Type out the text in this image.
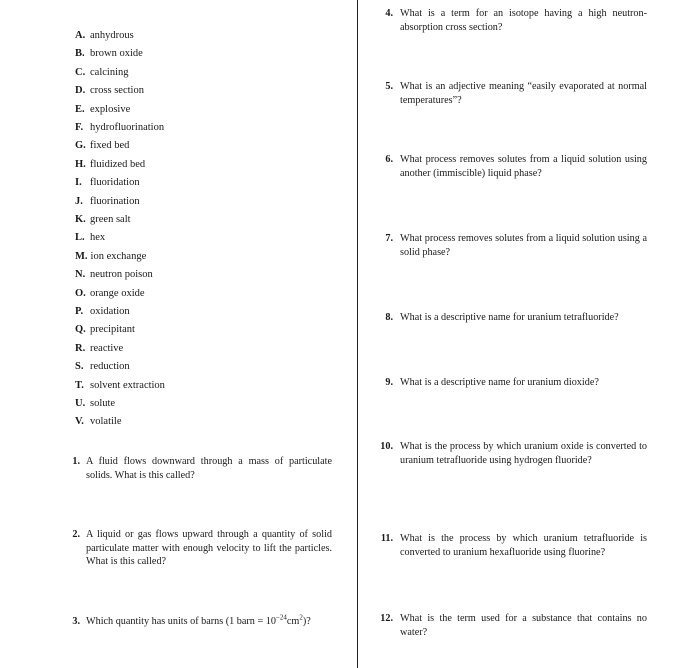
A. anhydrous
B. brown oxide
C. calcining
D. cross section
E. explosive
F. hydrofluorination
G. fixed bed
H. fluidized bed
I. fluoridation
J. fluorination
K. green salt
L. hex
M. ion exchange
N. neutron poison
O. orange oxide
P. oxidation
Q. precipitant
R. reactive
S. reduction
T. solvent extraction
U. solute
V. volatile
1. A fluid flows downward through a mass of particulate solids. What is this called?
2. A liquid or gas flows upward through a quantity of solid particulate matter with enough velocity to lift the particles. What is this called?
3. Which quantity has units of barns (1 barn = $10^{-24}cm^2$)?
4. What is a term for an isotope having a high neutron-absorption cross section?
5. What is an adjective meaning “easily evaporated at normal temperatures”?
6. What process removes solutes from a liquid solution using another (immiscible) liquid phase?
7. What process removes solutes from a liquid solution using a solid phase?
8. What is a descriptive name for uranium tetrafluoride?
9. What is a descriptive name for uranium dioxide?
10. What is the process by which uranium oxide is converted to uranium tetrafluoride using hydrogen fluoride?
11. What is the process by which uranium tetrafluoride is converted to uranium hexafluoride using fluorine?
12. What is the term used for a substance that contains no water?
